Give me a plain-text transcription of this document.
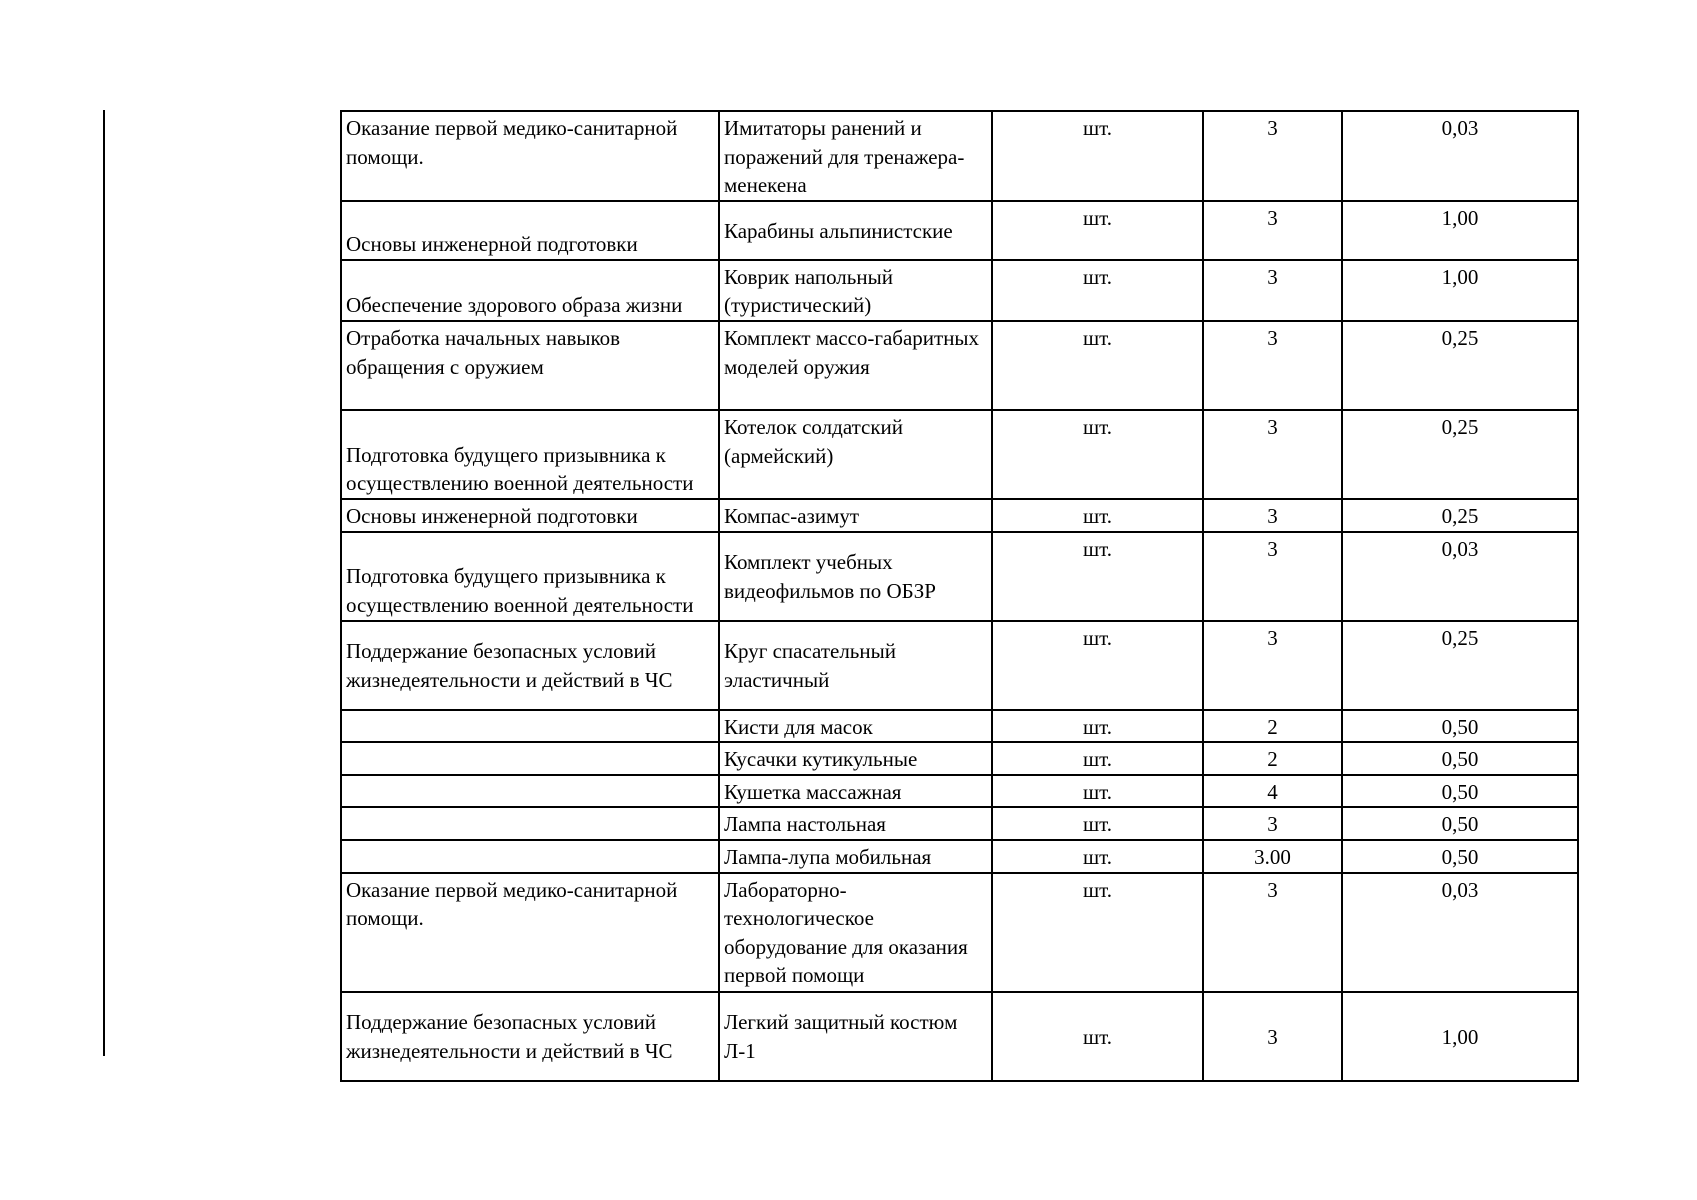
Оказание первой медико-санитарной помощи.	Имитаторы ранений и поражений для тренажера-менекена	шт.	3	0,03
Основы инженерной подготовки	Карабины альпинистские	шт.	3	1,00
Обеспечение здорового образа жизни	Коврик напольный (туристический)	шт.	3	1,00
Отработка начальных навыков обращения с оружием	Комплект массо-габаритных моделей оружия	шт.	3	0,25
Подготовка будущего призывника к осуществлению военной деятельности	Котелок солдатский (армейский)	шт.	3	0,25
Основы инженерной подготовки	Компас-азимут	шт.	3	0,25
Подготовка будущего призывника к осуществлению военной деятельности	Комплект учебных видеофильмов по ОБЗР	шт.	3	0,03
Поддержание безопасных условий жизнедеятельности и действий в ЧС	Круг спасательный эластичный	шт.	3	0,25
	Кисти для масок	шт.	2	0,50
	Кусачки кутикульные	шт.	2	0,50
	Кушетка массажная	шт.	4	0,50
	Лампа настольная	шт.	3	0,50
	Лампа-лупа мобильная	шт.	3.00	0,50
Оказание первой медико-санитарной помощи.	Лабораторно-технологическое оборудование для оказания первой помощи	шт.	3	0,03
Поддержание безопасных условий жизнедеятельности и действий в ЧС	Легкий защитный костюм Л-1	шт.	3	1,00
